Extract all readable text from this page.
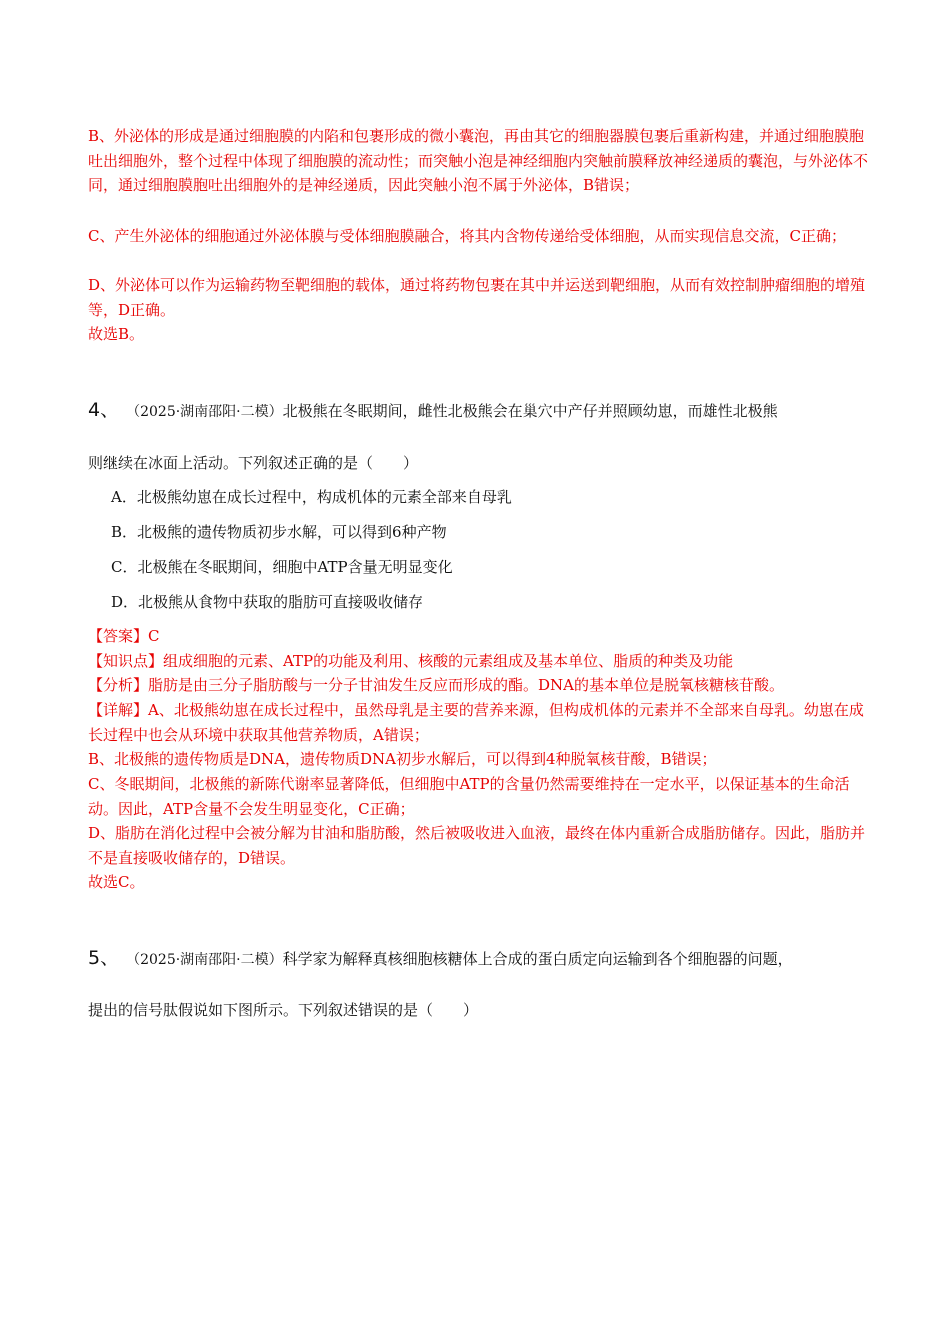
B、外泌体的形成是通过细胞膜的内陷和包裹形成的微小囊泡，再由其它的细胞器膜包裹后重新构建，并通过细胞膜胞吐出细胞外，整个过程中体现了细胞膜的流动性；而突触小泡是神经细胞内突触前膜释放神经递质的囊泡，与外泌体不同，通过细胞膜胞吐出细胞外的是神经递质，因此突触小泡不属于外泌体，B错误；

C、产生外泌体的细胞通过外泌体膜与受体细胞膜融合，将其内含物传递给受体细胞，从而实现信息交流，C正确；

D、外泌体可以作为运输药物至靶细胞的载体，通过将药物包裹在其中并运送到靶细胞，从而有效控制肿瘤细胞的增殖等，D正确。

故选B。

4、 （2025·湖南邵阳·二模）北极熊在冬眠期间，雌性北极熊会在巢穴中产仔并照顾幼崽，而雄性北极熊
则继续在冰面上活动。下列叙述正确的是（　　）
A．北极熊幼崽在成长过程中，构成机体的元素全部来自母乳
B．北极熊的遗传物质初步水解，可以得到6种产物
C．北极熊在冬眠期间，细胞中ATP含量无明显变化
D．北极熊从食物中获取的脂肪可直接吸收储存

【答案】C

【知识点】组成细胞的元素、ATP的功能及利用、核酸的元素组成及基本单位、脂质的种类及功能

【分析】脂肪是由三分子脂肪酸与一分子甘油发生反应而形成的酯。DNA的基本单位是脱氧核糖核苷酸。

【详解】A、北极熊幼崽在成长过程中，虽然母乳是主要的营养来源，但构成机体的元素并不全部来自母乳。幼崽在成长过程中也会从环境中获取其他营养物质，A错误；

B、北极熊的遗传物质是DNA，遗传物质DNA初步水解后，可以得到4种脱氧核苷酸，B错误；

C、冬眠期间，北极熊的新陈代谢率显著降低，但细胞中ATP的含量仍然需要维持在一定水平，以保证基本的生命活动。因此，ATP含量不会发生明显变化，C正确；

D、脂肪在消化过程中会被分解为甘油和脂肪酸，然后被吸收进入血液，最终在体内重新合成脂肪储存。因此，脂肪并不是直接吸收储存的，D错误。

故选C。

5、 （2025·湖南邵阳·二模）科学家为解释真核细胞核糖体上合成的蛋白质定向运输到各个细胞器的问题，
提出的信号肽假说如下图所示。下列叙述错误的是（　　）
